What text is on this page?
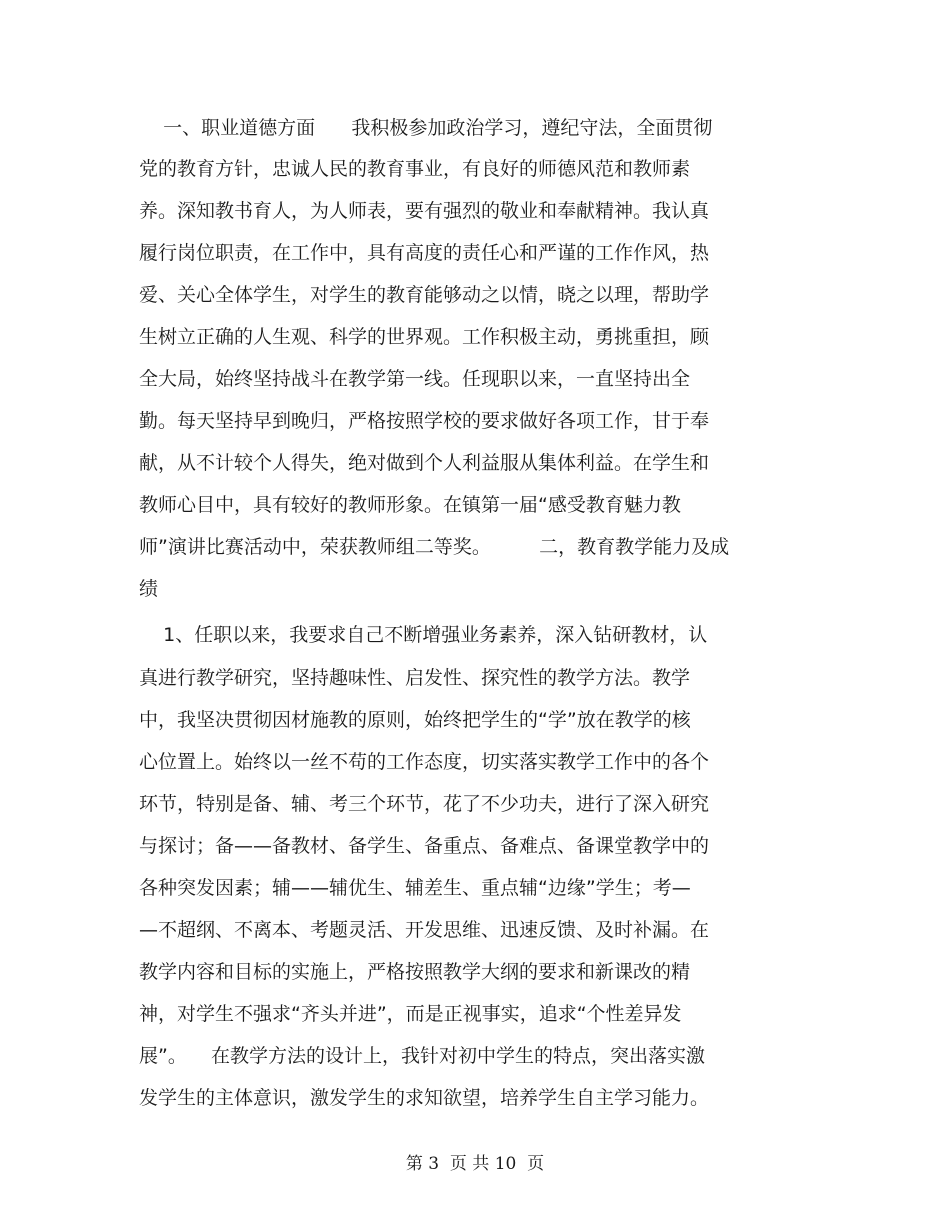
一、职业道德方面      我积极参加政治学习，遵纪守法，全面贯彻
党的教育方针，忠诚人民的教育事业，有良好的师德风范和教师素
养。深知教书育人，为人师表，要有强烈的敬业和奉献精神。我认真
履行岗位职责，在工作中，具有高度的责任心和严谨的工作作风，热
爱、关心全体学生，对学生的教育能够动之以情，晓之以理，帮助学
生树立正确的人生观、科学的世界观。工作积极主动，勇挑重担，顾
全大局，始终坚持战斗在教学第一线。任现职以来，一直坚持出全
勤。每天坚持早到晚归，严格按照学校的要求做好各项工作，甘于奉
献，从不计较个人得失，绝对做到个人利益服从集体利益。在学生和
教师心目中，具有较好的教师形象。在镇第一届“感受教育魅力教
师”演讲比赛活动中，荣获教师组二等奖。        二，教育教学能力及成
绩
1、任职以来，我要求自己不断增强业务素养，深入钻研教材，认
真进行教学研究，坚持趣味性、启发性、探究性的教学方法。教学
中，我坚决贯彻因材施教的原则，始终把学生的“学”放在教学的核
心位置上。始终以一丝不苟的工作态度，切实落实教学工作中的各个
环节，特别是备、辅、考三个环节，花了不少功夫，进行了深入研究
与探讨；备——备教材、备学生、备重点、备难点、备课堂教学中的
各种突发因素；辅——辅优生、辅差生、重点辅“边缘”学生；考—
—不超纲、不离本、考题灵活、开发思维、迅速反馈、及时补漏。在
教学内容和目标的实施上，严格按照教学大纲的要求和新课改的精
神，对学生不强求“齐头并进”，而是正视事实，追求“个性差异发
展”。    在教学方法的设计上，我针对初中学生的特点，突出落实激
发学生的主体意识，激发学生的求知欲望，培养学生自主学习能力。
第 3  页 共 10  页
